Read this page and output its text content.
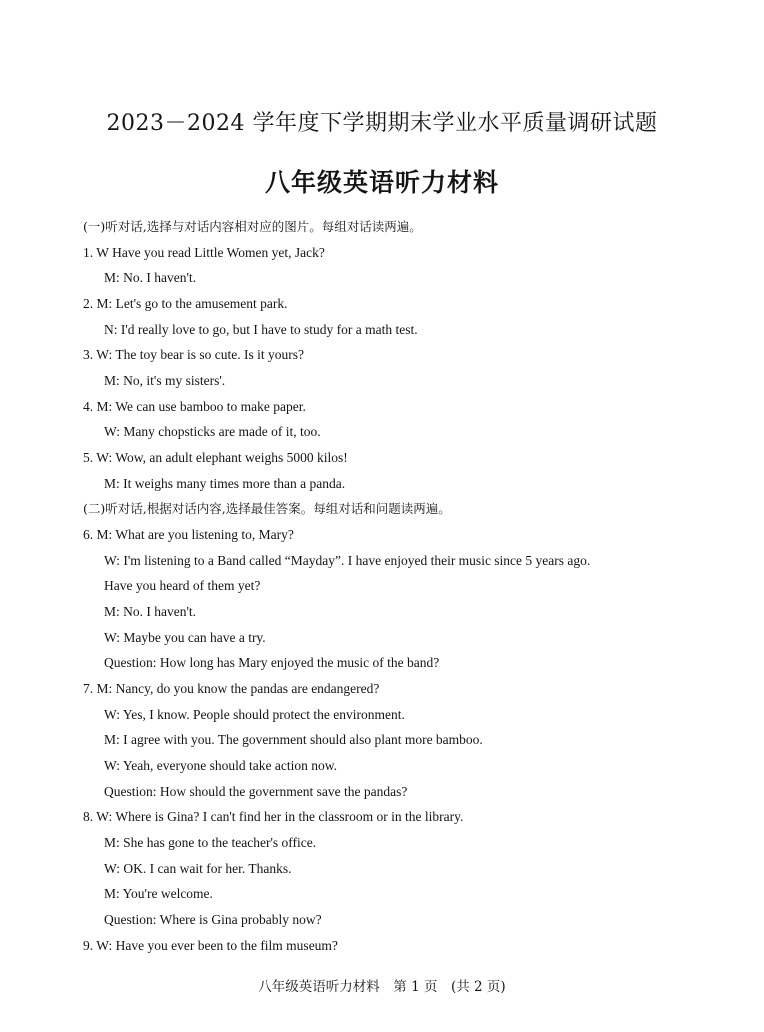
2023－2024 学年度下学期期末学业水平质量调研试题
八年级英语听力材料
(一)听对话,选择与对话内容相对应的图片。每组对话读两遍。
1. W Have you read Little Women yet, Jack?
M: No. I haven't.
2. M: Let's go to the amusement park.
N: I'd really love to go, but I have to study for a math test.
3. W: The toy bear is so cute. Is it yours?
M: No, it's my sisters'.
4. M: We can use bamboo to make paper.
W: Many chopsticks are made of it, too.
5. W: Wow, an adult elephant weighs 5000 kilos!
M: It weighs many times more than a panda.
(二)听对话,根据对话内容,选择最佳答案。每组对话和问题读两遍。
6. M: What are you listening to, Mary?
W: I'm listening to a Band called “Mayday”. I have enjoyed their music since 5 years ago.
Have you heard of them yet?
M: No. I haven't.
W: Maybe you can have a try.
Question: How long has Mary enjoyed the music of the band?
7. M: Nancy, do you know the pandas are endangered?
W: Yes, I know. People should protect the environment.
M: I agree with you. The government should also plant more bamboo.
W: Yeah, everyone should take action now.
Question: How should the government save the pandas?
8. W: Where is Gina? I can't find her in the classroom or in the library.
M: She has gone to the teacher's office.
W: OK. I can wait for her. Thanks.
M: You're welcome.
Question: Where is Gina probably now?
9. W: Have you ever been to the film museum?
八年级英语听力材料　第 1 页　(共 2 页)
